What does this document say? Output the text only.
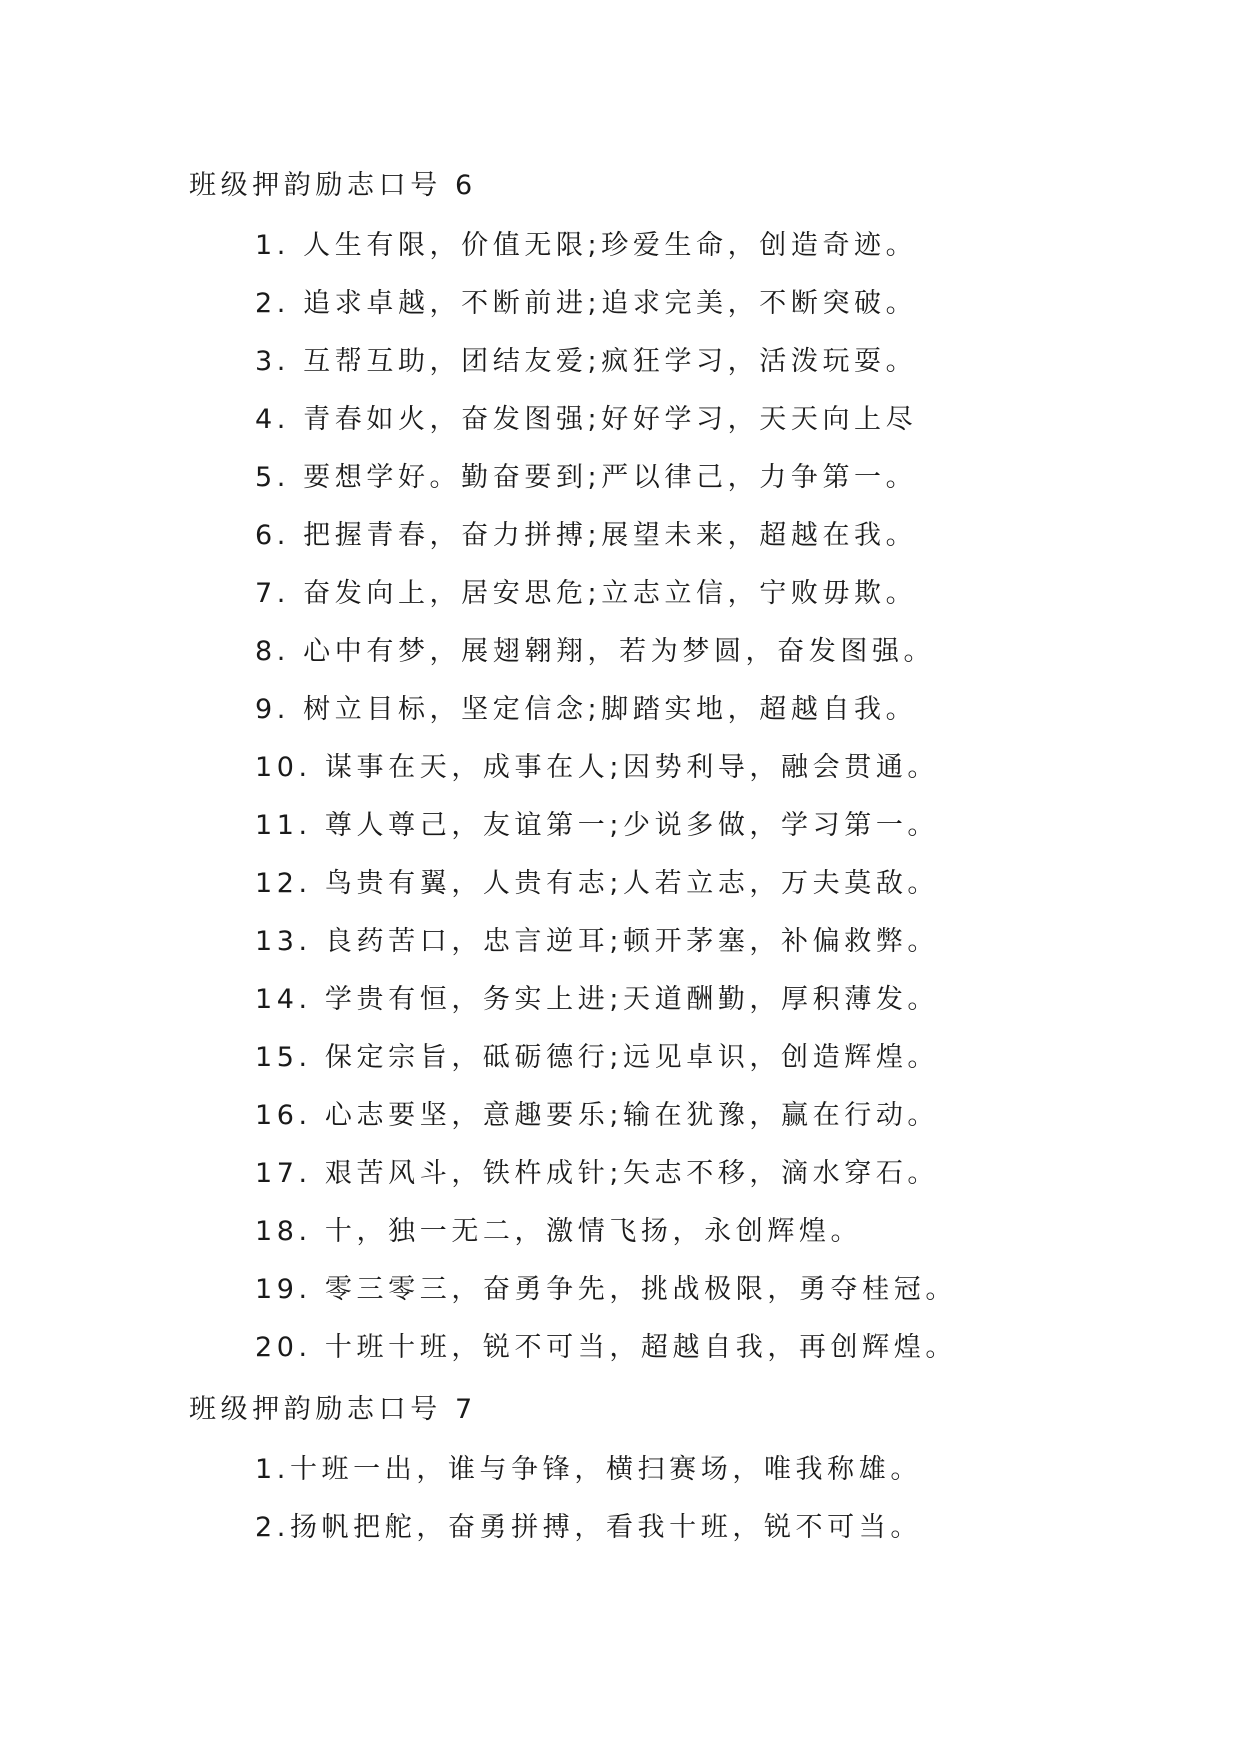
班级押韵励志口号 6
1. 人生有限，价值无限;珍爱生命，创造奇迹。
2. 追求卓越，不断前进;追求完美，不断突破。
3. 互帮互助，团结友爱;疯狂学习，活泼玩耍。
4. 青春如火，奋发图强;好好学习，天天向上尽
5. 要想学好。勤奋要到;严以律己，力争第一。
6. 把握青春，奋力拼搏;展望未来，超越在我。
7. 奋发向上，居安思危;立志立信，宁败毋欺。
8. 心中有梦，展翅翱翔，若为梦圆，奋发图强。
9. 树立目标，坚定信念;脚踏实地，超越自我。
10. 谋事在天，成事在人;因势利导，融会贯通。
11. 尊人尊己，友谊第一;少说多做，学习第一。
12. 鸟贵有翼，人贵有志;人若立志，万夫莫敌。
13. 良药苦口，忠言逆耳;顿开茅塞，补偏救弊。
14. 学贵有恒，务实上进;天道酬勤，厚积薄发。
15. 保定宗旨，砥砺德行;远见卓识，创造辉煌。
16. 心志要坚，意趣要乐;输在犹豫，赢在行动。
17. 艰苦风斗，铁杵成针;矢志不移，滴水穿石。
18. 十，独一无二，激情飞扬，永创辉煌。
19. 零三零三，奋勇争先，挑战极限，勇夺桂冠。
20. 十班十班，锐不可当，超越自我，再创辉煌。
班级押韵励志口号 7
1.十班一出，谁与争锋，横扫赛场，唯我称雄。
2.扬帆把舵，奋勇拼搏，看我十班，锐不可当。
